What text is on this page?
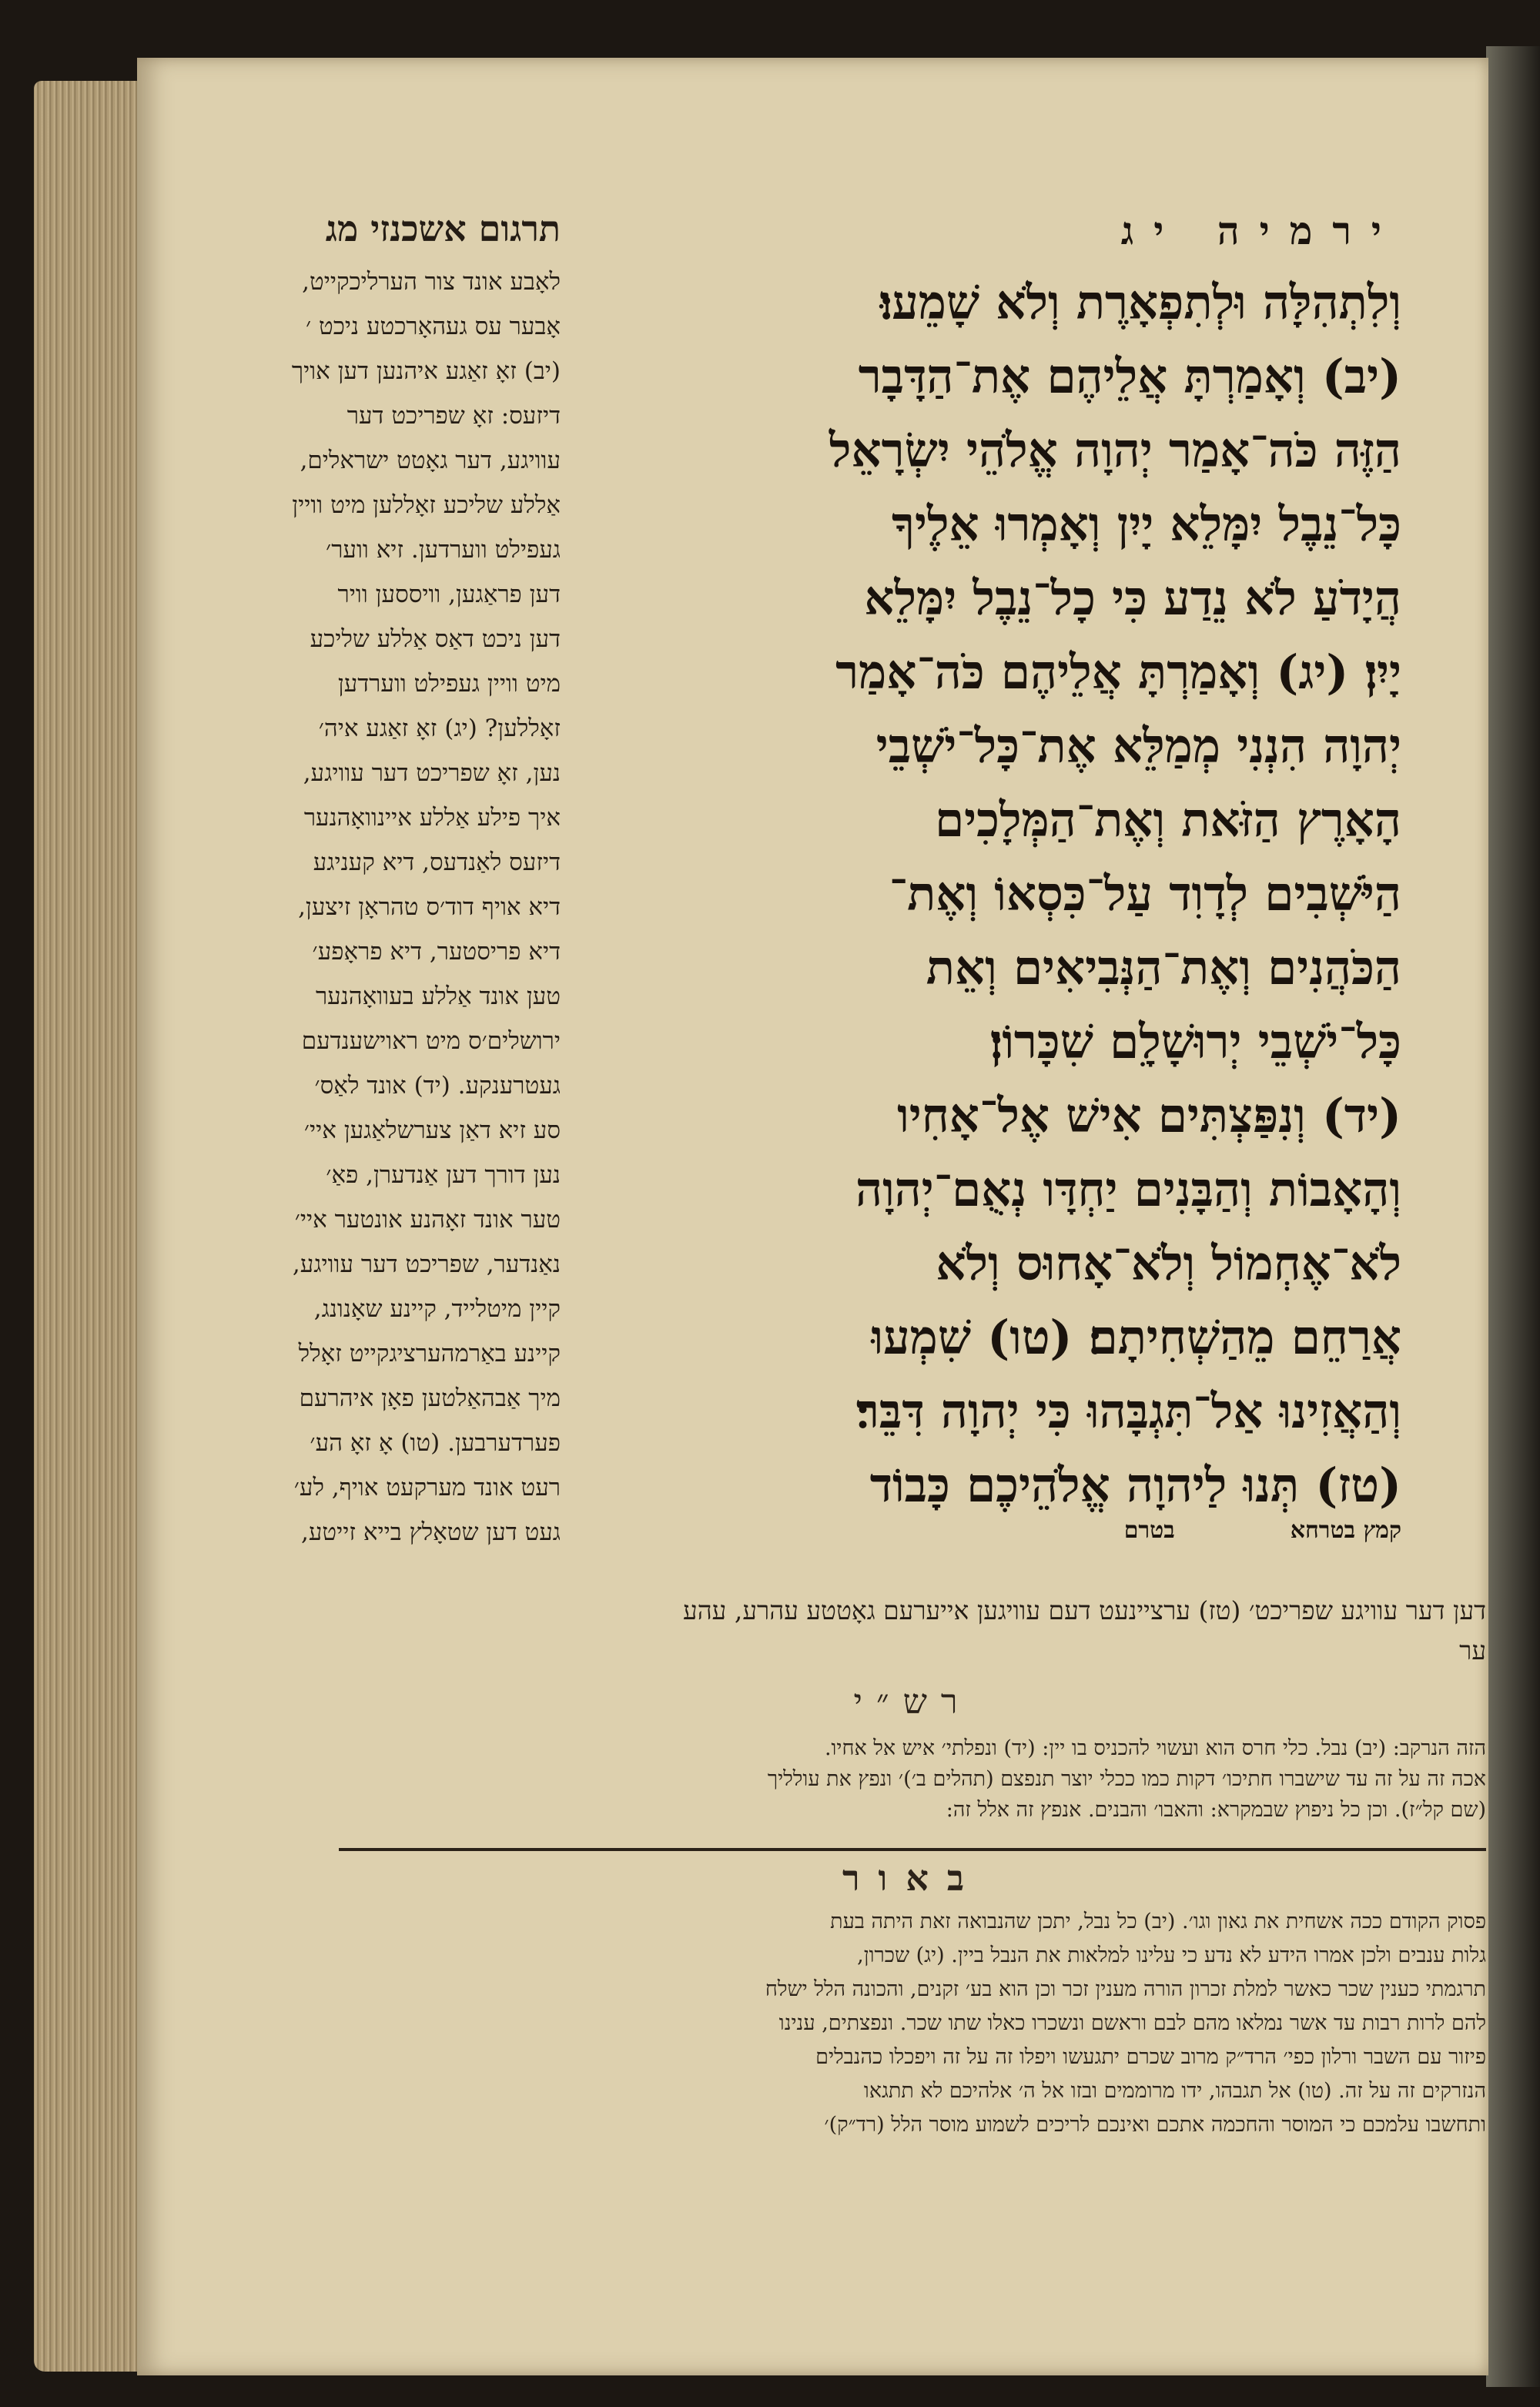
תרגום אשכנזי מג
לאָבע אונד צור הערליכקייט,
אָבער עס געהאָרכטע ניכט ׳
(יב) זאָ זאַגע איהנען דען אויך
דיזעס: זאָ שפריכט דער
עוויגע, דער גאָטט ישראלים,
אַללע שליכע זאָללען מיט וויין
געפילט ווערדען. זיא ווער׳
דען פראַגען, וויססען וויר
דען ניכט דאַס אַללע שליכע
מיט וויין געפילט ווערדען
זאָללען? (יג) זאָ זאַגע איה׳
נען, זאָ שפריכט דער עוויגע,
איך פילע אַללע איינוואָהנער
דיזעס לאַנדעס, דיא קעניגע
דיא אויף דוד׳ס טהראָן זיצען,
דיא פריסטער, דיא פראָפע׳
טען אונד אַללע בעוואָהנער
ירושלים׳ס מיט ראוישענדעם
געטרענקע. (יד) אונד לאַס׳
סע זיא דאַן צערשלאַגען איי׳
נען דורך דען אַנדערן, פאַ׳
טער אונד זאָהנע אונטער איי׳
נאַנדער, שפריכט דער עוויגע,
קיין מיטלייד, קיינע שאָנונג,
קיינע באַרמהערציגקייט זאָלל
מיך אַבהאַלטען פאָן איהרעם
פערדערבען. (טו) אָ זאָ הע׳
רעט אונד מערקעט אויף, לע׳
געט דען שטאָלץ בייא זייטע,
ירמיה יג
וְלִתְהִלָּה וּלְתִפְאָרֶת וְלֹא שָׁמֵעוּ׃
(יב) וְאָמַרְתָּ אֲלֵיהֶם אֶת־הַדָּבָר
הַזֶּה כֹּה־אָמַר יְהוָה אֱלֹהֵי יִשְׂרָאֵל
כָּל־נֵבֶל יִמָּלֵא יָיִן וְאָמְרוּ אֵלֶיךָ
הֲיָדֹעַ לֹא נֵדַע כִּי כָל־נֵבֶל יִמָּלֵא
יָיִן׃ (יג) וְאָמַרְתָּ אֲלֵיהֶם כֹּה־אָמַר
יְהוָה הִנְנִי מְמַלֵּא אֶת־כָּל־יֹשְׁבֵי
הָאָרֶץ הַזֹּאת וְאֶת־הַמְּלָכִים
הַיֹּשְׁבִים לְדָוִד עַל־כִּסְאוֹ וְאֶת־
הַכֹּהֲנִים וְאֶת־הַנְּבִיאִים וְאֵת
כָּל־יֹשְׁבֵי יְרוּשָׁלָ͏ִם שִׁכָּרוֹן׃
(יד) וְנִפַּצְתִּים אִישׁ אֶל־אָחִיו
וְהָאָבוֹת וְהַבָּנִים יַחְדָּו נְאֻם־יְהוָה
לֹא־אֶחְמוֹל וְלֹא־אָחוּס וְלֹא
אֲרַחֵם מֵהַשְׁחִיתָם׃ (טו) שִׁמְעוּ
וְהַאֲזִינוּ אַל־תִּגְבָּהוּ כִּי יְהוָה דִּבֵּר׃
(טז) תְּנוּ לַיהוָה אֱלֹהֵיכֶם כָּבוֹד
קמץ בטרחאבטרם
דען דער עוויגע שפריכט׳ (טז) ערציינעט דעם עוויגען אייערעם גאָטטע עהרע, עהע
ער
רש״י
הזה הנרקב: (יב) נבל. כלי חרס הוא ועשוי להכניס בו יין: (יד) ונפלתי׳ איש אל אחיו.
אכה זה על זה עד שישברו חתיכו׳ דקות כמו ככלי יוצר תנפצם (תהלים ב׳)׳ ונפץ את עולליך
(שם קל״ז). וכן כל ניפוץ שבמקרא: והאבו׳ והבנים. אנפץ זה אלל זה:
באור
פסוק הקודם ככה אשחית את גאון וגו׳. (יב) כל נבל, יתכן שהנבואה זאת היתה בעת
גלות ענבים ולכן אמרו הידע לא נדע כי עלינו למלאות את הנבל ביין. (יג) שכרון,
תרגמתי כענין שכר כאשר למלת זכרון הורה מענין זכר וכן הוא בע׳ זקנים, והכונה הלל ישלח
להם לרות רבות עד אשר נמלאו מהם לבם וראשם ונשכרו כאלו שתו שכר. ונפצתים, ענינו
פיזור עם השבר ורלון כפי׳ הרד״ק מרוב שכרם יתגעשו ויפלו זה על זה ויפכלו כהנבלים
הנזרקים זה על זה. (טו) אל תגבהו, ידו מרוממים ובזו אל ה׳ אלהיכם לא תתגאו
ותחשבו עלמכם כי המוסר והחכמה אתכם ואינכם לריכים לשמוע מוסר הלל (רד״ק)׳
